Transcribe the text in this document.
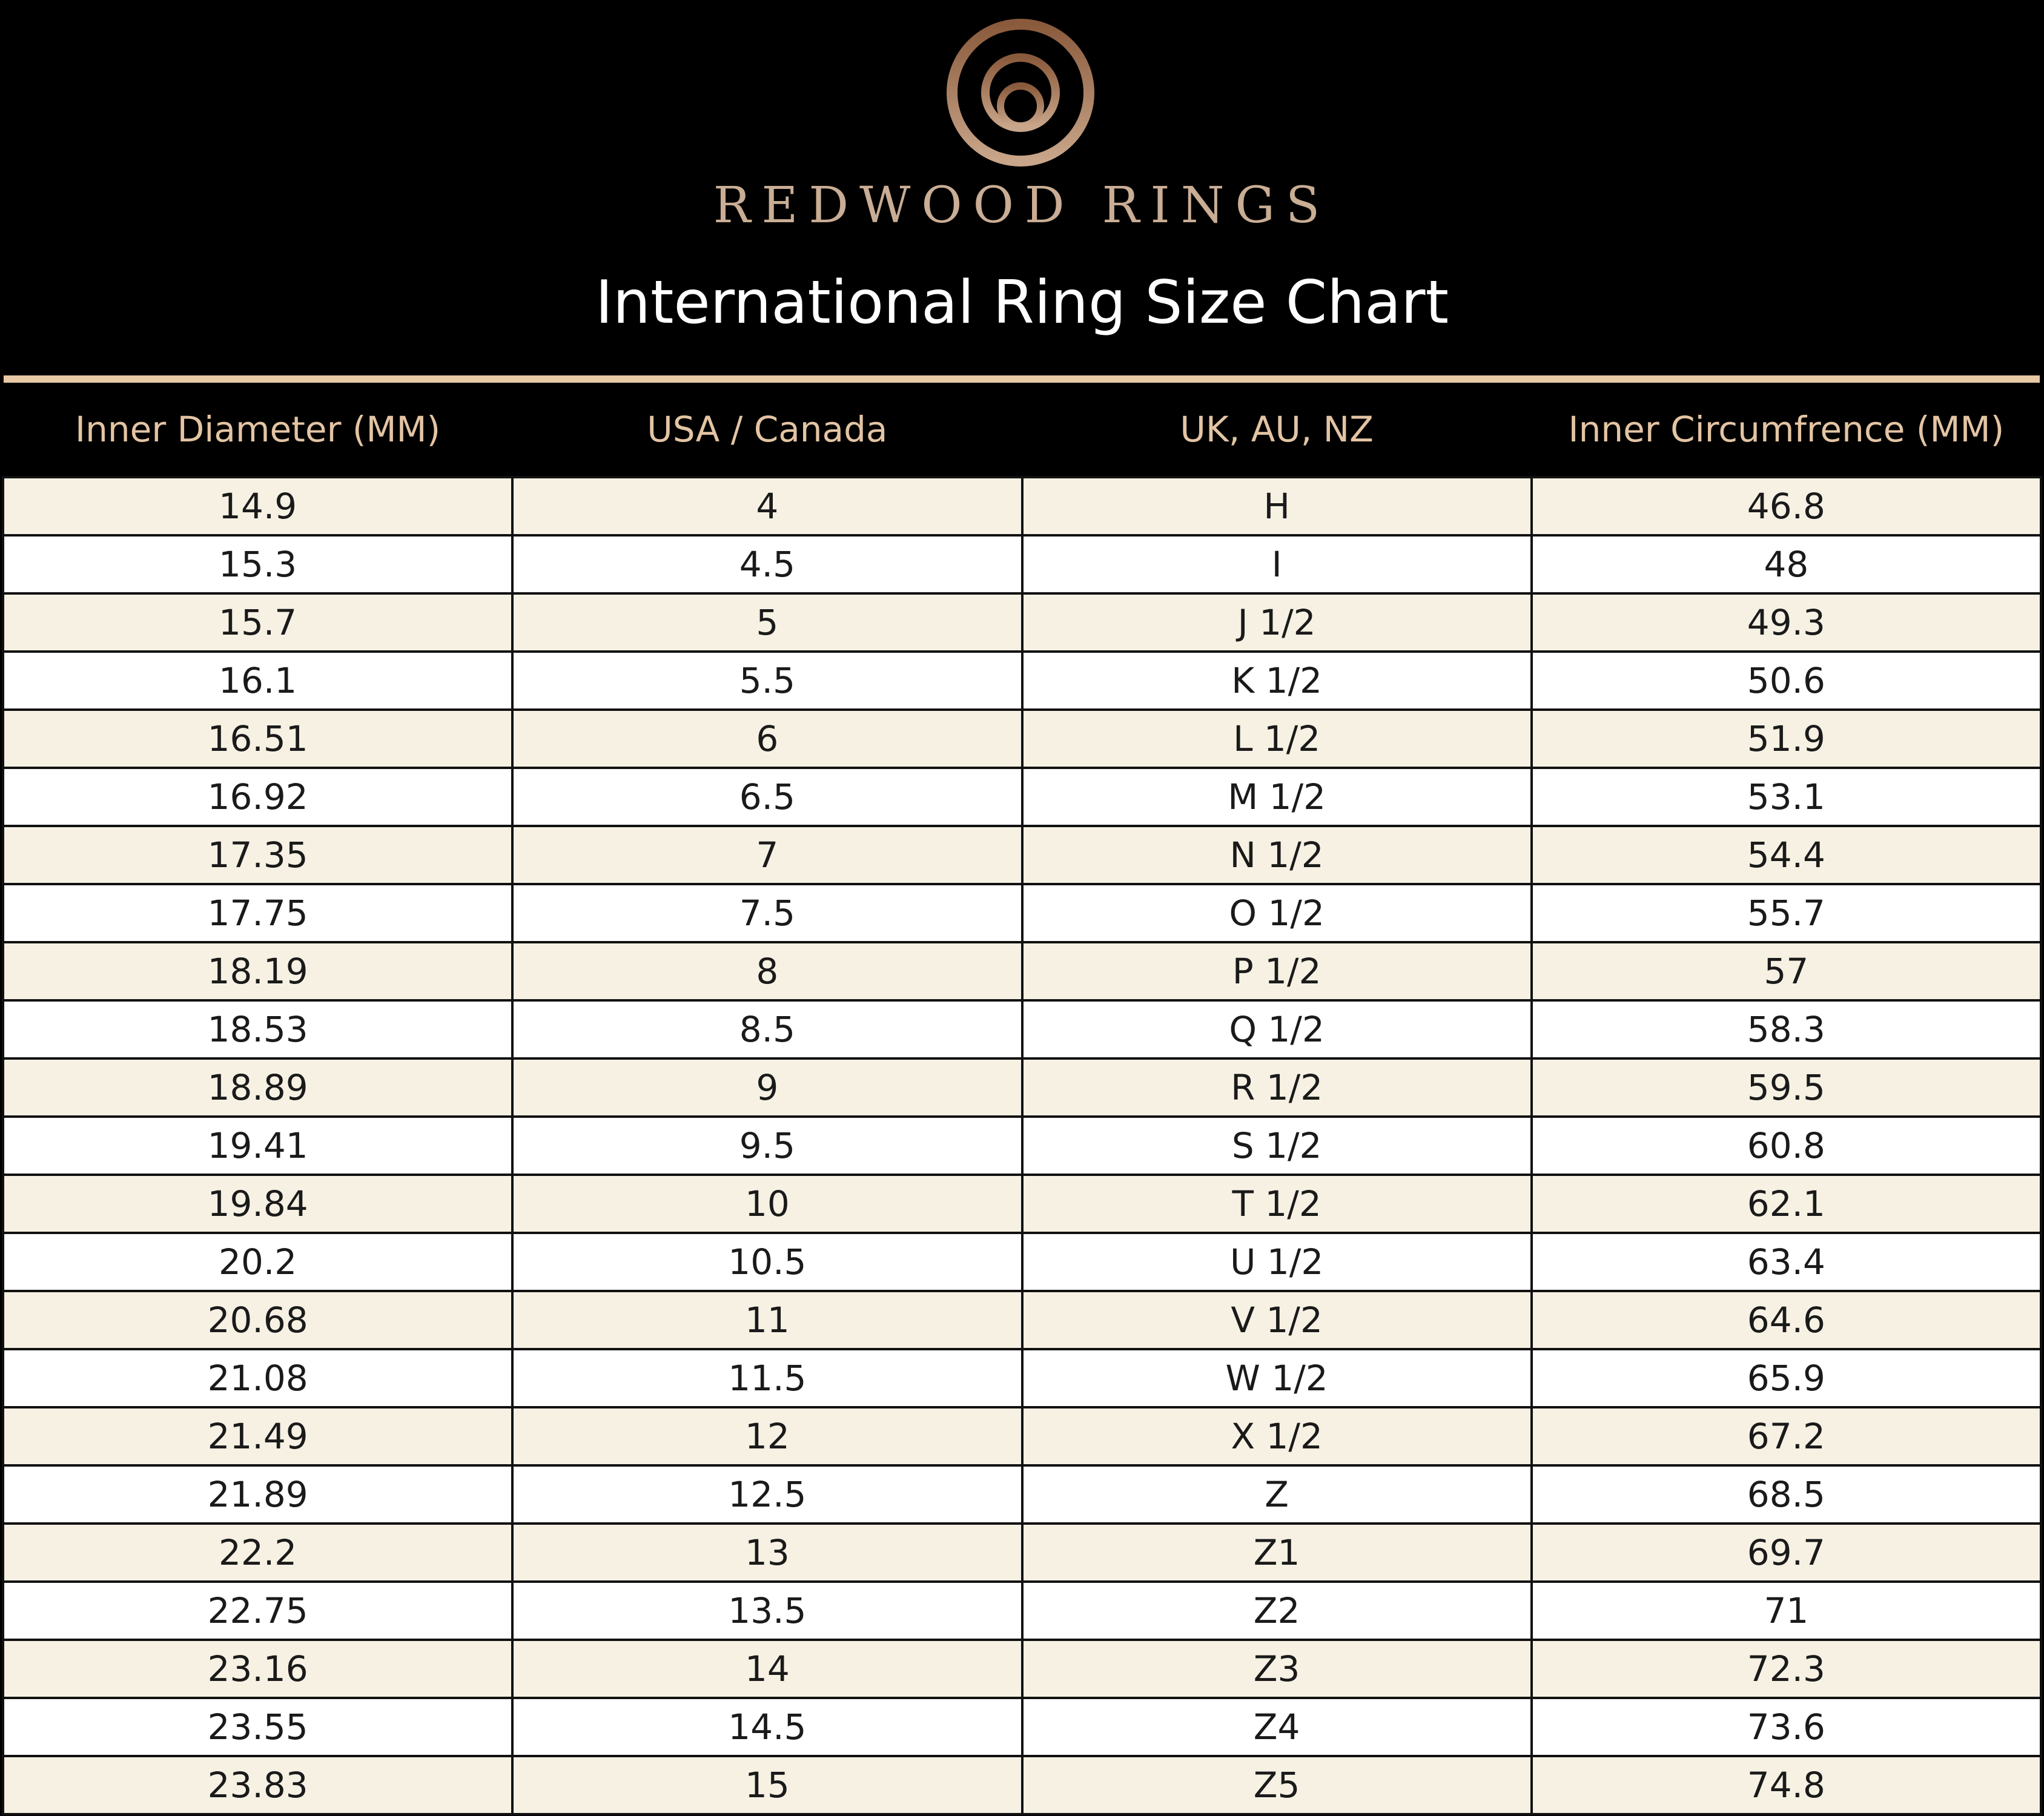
REDWOOD RINGS
International Ring Size Chart
Inner Diameter (MM)	USA / Canada	UK, AU, NZ	Inner Circumfrence (MM)
14.9	4	H	46.8
15.3	4.5	I	48
15.7	5	J 1/2	49.3
16.1	5.5	K 1/2	50.6
16.51	6	L 1/2	51.9
16.92	6.5	M 1/2	53.1
17.35	7	N 1/2	54.4
17.75	7.5	O 1/2	55.7
18.19	8	P 1/2	57
18.53	8.5	Q 1/2	58.3
18.89	9	R 1/2	59.5
19.41	9.5	S 1/2	60.8
19.84	10	T 1/2	62.1
20.2	10.5	U 1/2	63.4
20.68	11	V 1/2	64.6
21.08	11.5	W 1/2	65.9
21.49	12	X 1/2	67.2
21.89	12.5	Z	68.5
22.2	13	Z1	69.7
22.75	13.5	Z2	71
23.16	14	Z3	72.3
23.55	14.5	Z4	73.6
23.83	15	Z5	74.8
